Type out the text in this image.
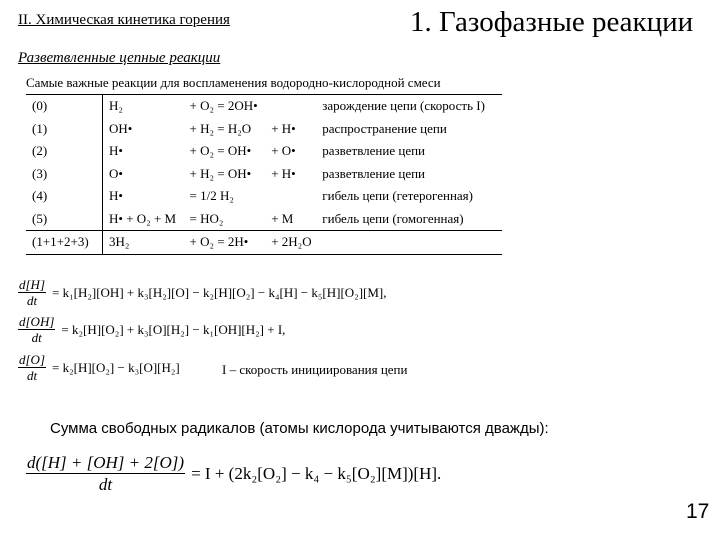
II. Химическая кинетика горения	1. Газофазные реакции
Разветвленные цепные реакции
Самые важные реакции для воспламенения водородно-кислородной смеси
(0)	H₂	+ O₂ = 2OH•		зарождение цепи (скорость I)
(1)	OH•	+ H₂ = H₂O	+ H•	распространение цепи
(2)	H•	+ O₂ = OH•	+ O•	разветвление цепи
(3)	O•	+ H₂ = OH•	+ H•	разветвление цепи
(4)	H•	= 1/2 H₂		гибель цепи (гетерогенная)
(5)	H• + O₂ + M	= HO₂	+ M	гибель цепи (гомогенная)
(1+1+2+3)	3H₂	+ O₂ = 2H•	+ 2H₂O	
$\frac{d[H]}{dt} = k_1[H_2][OH] + k_3[H_2][O] - k_2[H][O_2] - k_4[H] - k_5[H][O_2][M]$,
$\frac{d[OH]}{dt} = k_2[H][O_2] + k_3[O][H_2] - k_1[OH][H_2] + I$,
$\frac{d[O]}{dt} = k_2[H][O_2] - k_3[O][H_2]$	I – скорость инициирования цепи
Сумма свободных радикалов (атомы кислорода учитываются дважды):
$\frac{d([H] + [OH] + 2[O])}{dt} = I + (2k_2[O_2] - k_4 - k_5[O_2][M])[H]$.
17
